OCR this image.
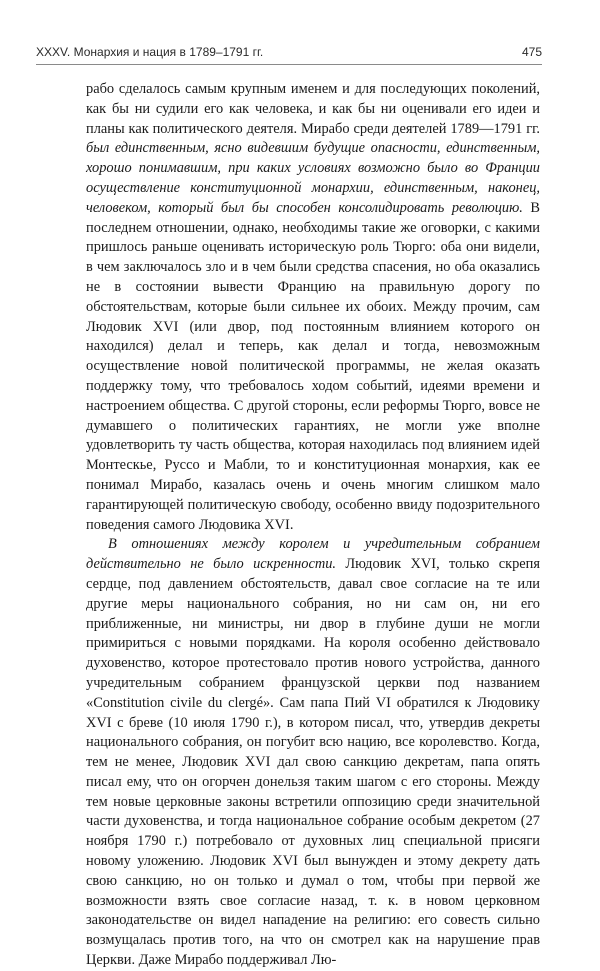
XXXV. Монархия и нация в 1789–1791 гг.	475

рабо сделалось самым крупным именем и для последующих поколений, как бы ни судили его как человека, и как бы ни оценивали его идеи и планы как политического деятеля. Мирабо среди деятелей 1789—1791 гг. был единственным, ясно видевшим будущие опасности, единственным, хорошо понимавшим, при каких условиях возможно было во Франции осуществление конституционной монархии, единственным, наконец, человеком, который был бы способен консолидировать революцию. В последнем отношении, однако, необходимы такие же оговорки, с какими пришлось раньше оценивать историческую роль Тюрго: оба они видели, в чем заключалось зло и в чем были средства спасения, но оба оказались не в состоянии вывести Францию на правильную дорогу по обстоятельствам, которые были сильнее их обоих. Между прочим, сам Людовик XVI (или двор, под постоянным влиянием которого он находился) делал и теперь, как делал и тогда, невозможным осуществление новой политической программы, не желая оказать поддержку тому, что требовалось ходом событий, идеями времени и настроением общества. С другой стороны, если реформы Тюрго, вовсе не думавшего о политических гарантиях, не могли уже вполне удовлетворить ту часть общества, которая находилась под влиянием идей Монтескье, Руссо и Мабли, то и конституционная монархия, как ее понимал Мирабо, казалась очень и очень многим слишком мало гарантирующей политическую свободу, особенно ввиду подозрительного поведения самого Людовика XVI.

В отношениях между королем и учредительным собранием действительно не было искренности. Людовик XVI, только скрепя сердце, под давлением обстоятельств, давал свое согласие на те или другие меры национального собрания, но ни сам он, ни его приближенные, ни министры, ни двор в глубине души не могли примириться с новыми порядками. На короля особенно действовало духовенство, которое протестовало против нового устройства, данного учредительным собранием французской церкви под названием «Constitution civile du clergé». Сам папа Пий VI обратился к Людовику XVI с бреве (10 июля 1790 г.), в котором писал, что, утвердив декреты национального собрания, он погубит всю нацию, все королевство. Когда, тем не менее, Людовик XVI дал свою санкцию декретам, папа опять писал ему, что он огорчен донельзя таким шагом с его стороны. Между тем новые церковные законы встретили оппозицию среди значительной части духовенства, и тогда национальное собрание особым декретом (27 ноября 1790 г.) потребовало от духовных лиц специальной присяги новому уложению. Людовик XVI был вынужден и этому декрету дать свою санкцию, но он только и думал о том, чтобы при первой же возможности взять свое согласие назад, т. к. в новом церковном законодательстве он видел нападение на религию: его совесть сильно возмущалась против того, на что он смотрел как на нарушение прав Церкви. Даже Мирабо поддерживал Лю-
